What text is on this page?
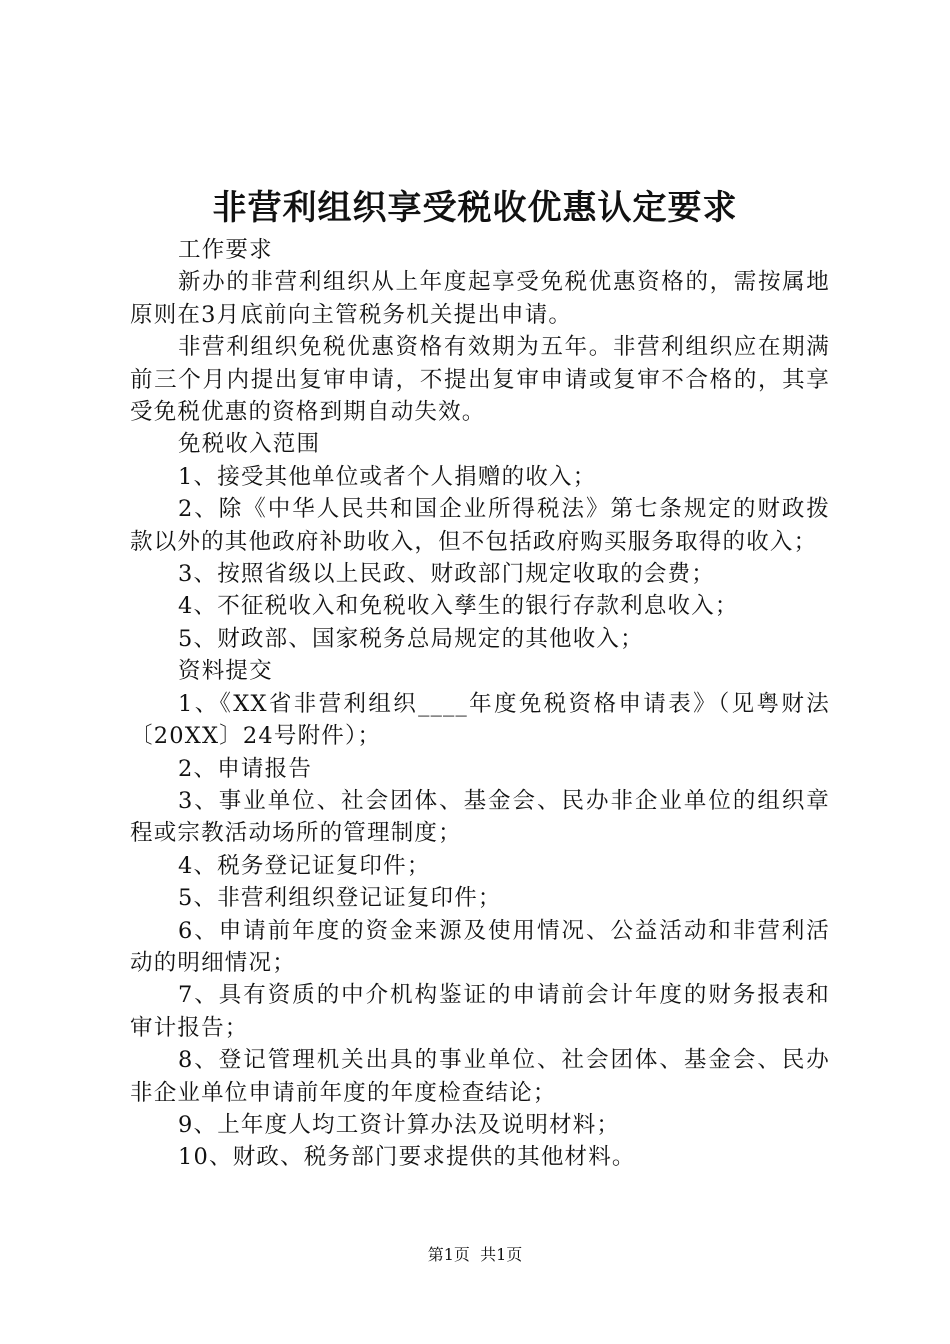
非营利组织享受税收优惠认定要求

工作要求

新办的非营利组织从上年度起享受免税优惠资格的，需按属地原则在3月底前向主管税务机关提出申请。

非营利组织免税优惠资格有效期为五年。非营利组织应在期满前三个月内提出复审申请，不提出复审申请或复审不合格的，其享受免税优惠的资格到期自动失效。

免税收入范围

1、接受其他单位或者个人捐赠的收入；

2、除《中华人民共和国企业所得税法》第七条规定的财政拨款以外的其他政府补助收入，但不包括政府购买服务取得的收入；

3、按照省级以上民政、财政部门规定收取的会费；

4、不征税收入和免税收入孳生的银行存款利息收入；

5、财政部、国家税务总局规定的其他收入；

资料提交

1、《XX省非营利组织____年度免税资格申请表》（见粤财法〔20XX〕24号附件）；

2、申请报告

3、事业单位、社会团体、基金会、民办非企业单位的组织章程或宗教活动场所的管理制度；

4、税务登记证复印件；

5、非营利组织登记证复印件；

6、申请前年度的资金来源及使用情况、公益活动和非营利活动的明细情况；

7、具有资质的中介机构鉴证的申请前会计年度的财务报表和审计报告；

8、登记管理机关出具的事业单位、社会团体、基金会、民办非企业单位申请前年度的年度检查结论；

9、上年度人均工资计算办法及说明材料；

10、财政、税务部门要求提供的其他材料。

第1页 共1页
